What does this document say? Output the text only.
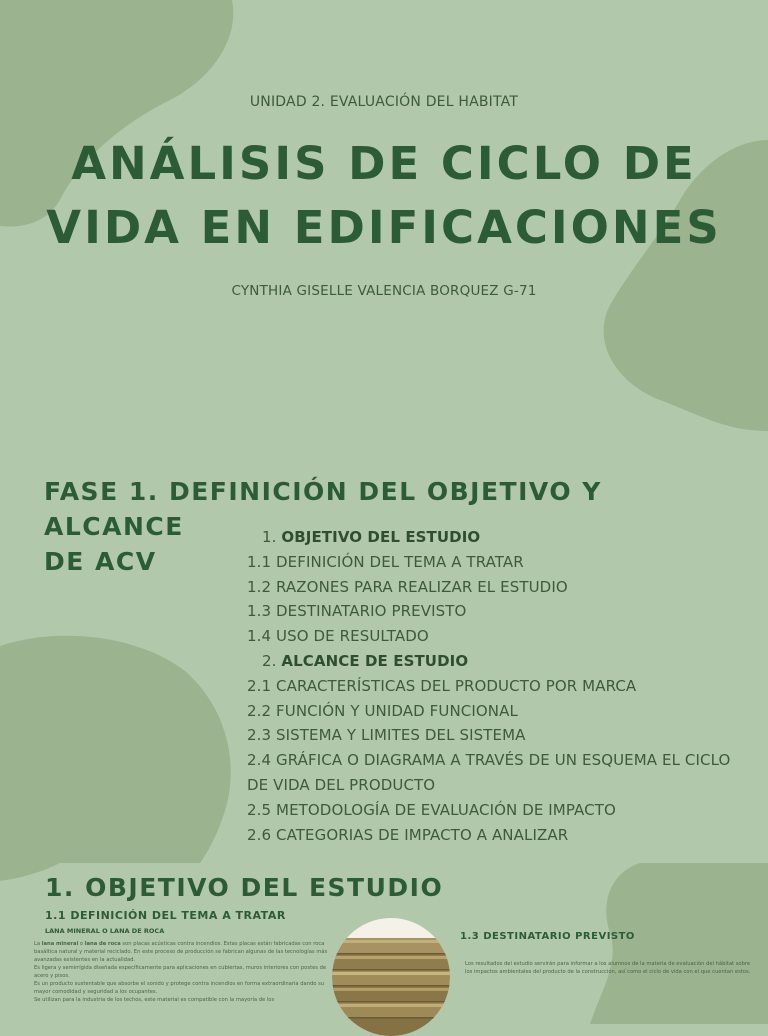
UNIDAD 2. EVALUACIÓN DEL HABITAT
ANÁLISIS DE CICLO DE
VIDA EN EDIFICACIONES
CYNTHIA GISELLE VALENCIA BORQUEZ G-71
FASE 1. DEFINICIÓN DEL OBJETIVO Y ALCANCE
DE ACV
1. OBJETIVO DEL ESTUDIO
1.1 DEFINICIÓN DEL TEMA A TRATAR
1.2 RAZONES PARA REALIZAR EL ESTUDIO
1.3 DESTINATARIO PREVISTO
1.4 USO DE RESULTADO
2. ALCANCE DE ESTUDIO
2.1 CARACTERÍSTICAS DEL PRODUCTO POR MARCA
2.2 FUNCIÓN Y UNIDAD FUNCIONAL
2.3 SISTEMA Y LIMITES DEL SISTEMA
2.4 GRÁFICA O DIAGRAMA A TRAVÉS DE UN ESQUEMA EL CICLO
DE VIDA DEL PRODUCTO
2.5 METODOLOGÍA DE EVALUACIÓN DE IMPACTO
2.6 CATEGORIAS DE IMPACTO A ANALIZAR
1. OBJETIVO DEL ESTUDIO
1.1 DEFINICIÓN DEL TEMA A TRATAR
LANA MINERAL O LANA DE ROCA

La lana mineral o lana de roca son placas acústicas contra incendios. Estas placas están fabricadas con roca basáltica natural y material reciclado. En este proceso de producción se fabrican algunas de las tecnologías más avanzadas existentes en la actualidad.

Es ligera y semirrígida diseñada específicamente para aplicaciones en cubiertas, muros interiores con postes de acero y pisos.

Es un producto sustentable que absorbe el sonido y protege contra incendios en forma extraordinaria dando su mayor comodidad y seguridad a los ocupantes.

Se utilizan para la industria de los techos, este material es compatible con la mayoría de los

1.3 DESTINATARIO PREVISTO

Los resultados del estudio servirán para informar a los alumnos de la materia de evaluación del hábitat sobre los impactos ambientales del producto de la construcción, así como el ciclo de vida con el que cuentan estos.
